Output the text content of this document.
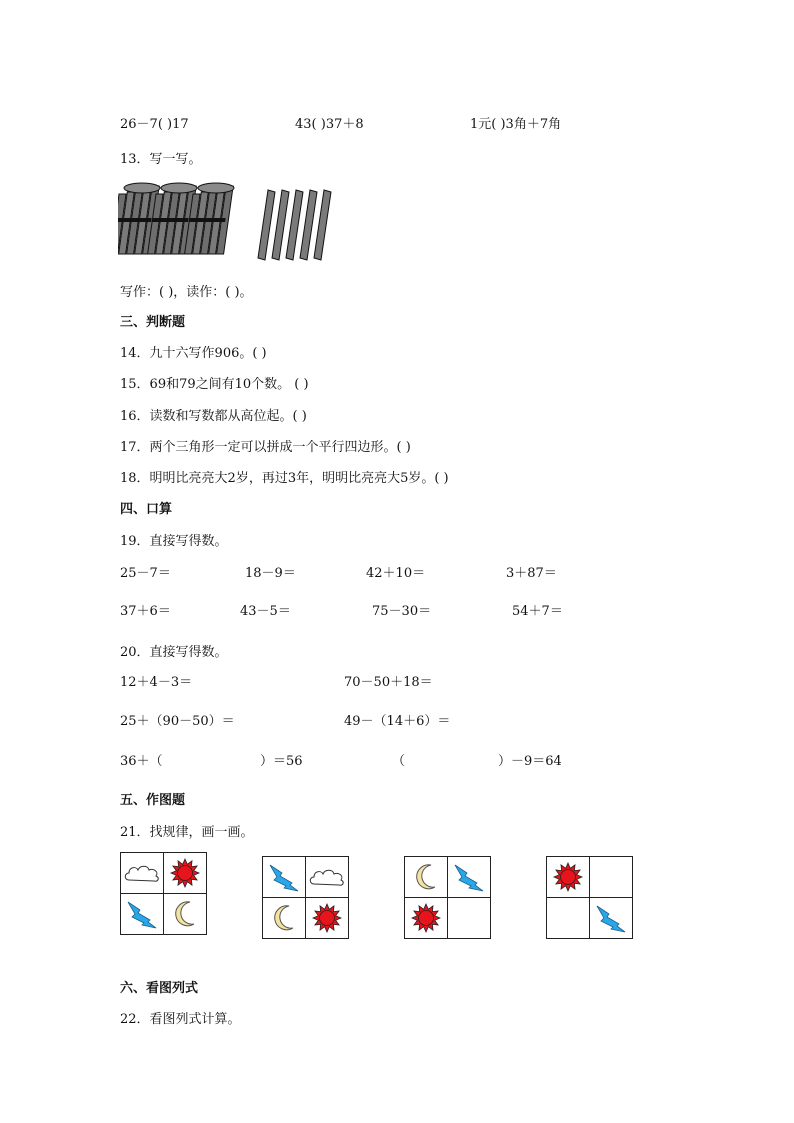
26－7( )17	43( )37＋8	1元( )3角＋7角
13．写一写。
写作：( )，读作：( )。
三、判断题
14．九十六写作906。( )
15．69和79之间有10个数。 ( )
16．读数和写数都从高位起。( )
17．两个三角形一定可以拼成一个平行四边形。( )
18．明明比亮亮大2岁，再过3年，明明比亮亮大5岁。( )
四、口算
19．直接写得数。
25－7＝	18－9＝	42＋10＝	3＋87＝
37＋6＝	43－5＝	75－30＝	54＋7＝
20．直接写得数。
12＋4－3＝	70－50＋18＝
25＋（90－50）＝	49－（14＋6）＝
36＋（	）＝56	（	）－9＝64
五、作图题
21．找规律，画一画。
六、看图列式
22．看图列式计算。
